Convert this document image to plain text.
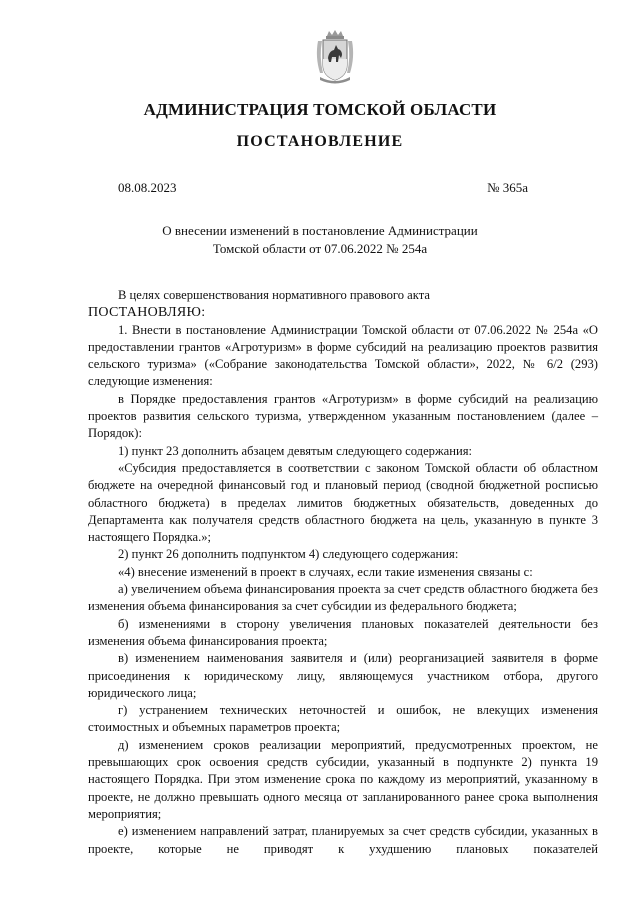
АДМИНИСТРАЦИЯ ТОМСКОЙ ОБЛАСТИ
ПОСТАНОВЛЕНИЕ
08.08.2023	№ 365а
О внесении изменений в постановление Администрации
Томской области от 07.06.2022 № 254а

В целях совершенствования нормативного правового акта

ПОСТАНОВЛЯЮ:

1. Внести в постановление Администрации Томской области от 07.06.2022 № 254а «О предоставлении грантов «Агротуризм» в форме субсидий на реализацию проектов развития сельского туризма» («Собрание законодательства Томской области», 2022, № 6/2 (293) следующие изменения:

в Порядке предоставления грантов «Агротуризм» в форме субсидий на реализацию проектов развития сельского туризма, утвержденном указанным постановлением (далее – Порядок):

1) пункт 23 дополнить абзацем девятым следующего содержания:

«Субсидия предоставляется в соответствии с законом Томской области об областном бюджете на очередной финансовый год и плановый период (сводной бюджетной росписью областного бюджета) в пределах лимитов бюджетных обязательств, доведенных до Департамента как получателя средств областного бюджета на цель, указанную в пункте 3 настоящего Порядка.»;

2) пункт 26 дополнить подпунктом 4) следующего содержания:

«4) внесение изменений в проект в случаях, если такие изменения связаны с:

а) увеличением объема финансирования проекта за счет средств областного бюджета без изменения объема финансирования за счет субсидии из федерального бюджета;

б) изменениями в сторону увеличения плановых показателей деятельности без изменения объема финансирования проекта;

в) изменением наименования заявителя и (или) реорганизацией заявителя в форме присоединения к юридическому лицу, являющемуся участником отбора, другого юридического лица;

г) устранением технических неточностей и ошибок, не влекущих изменения стоимостных и объемных параметров проекта;

д) изменением сроков реализации мероприятий, предусмотренных проектом, не превышающих срок освоения средств субсидии, указанный в подпункте 2) пункта 19 настоящего Порядка. При этом изменение срока по каждому из мероприятий, указанному в проекте, не должно превышать одного месяца от запланированного ранее срока выполнения мероприятия;

е) изменением направлений затрат, планируемых за счет средств субсидии, указанных в проекте, которые не приводят к ухудшению плановых показателей
